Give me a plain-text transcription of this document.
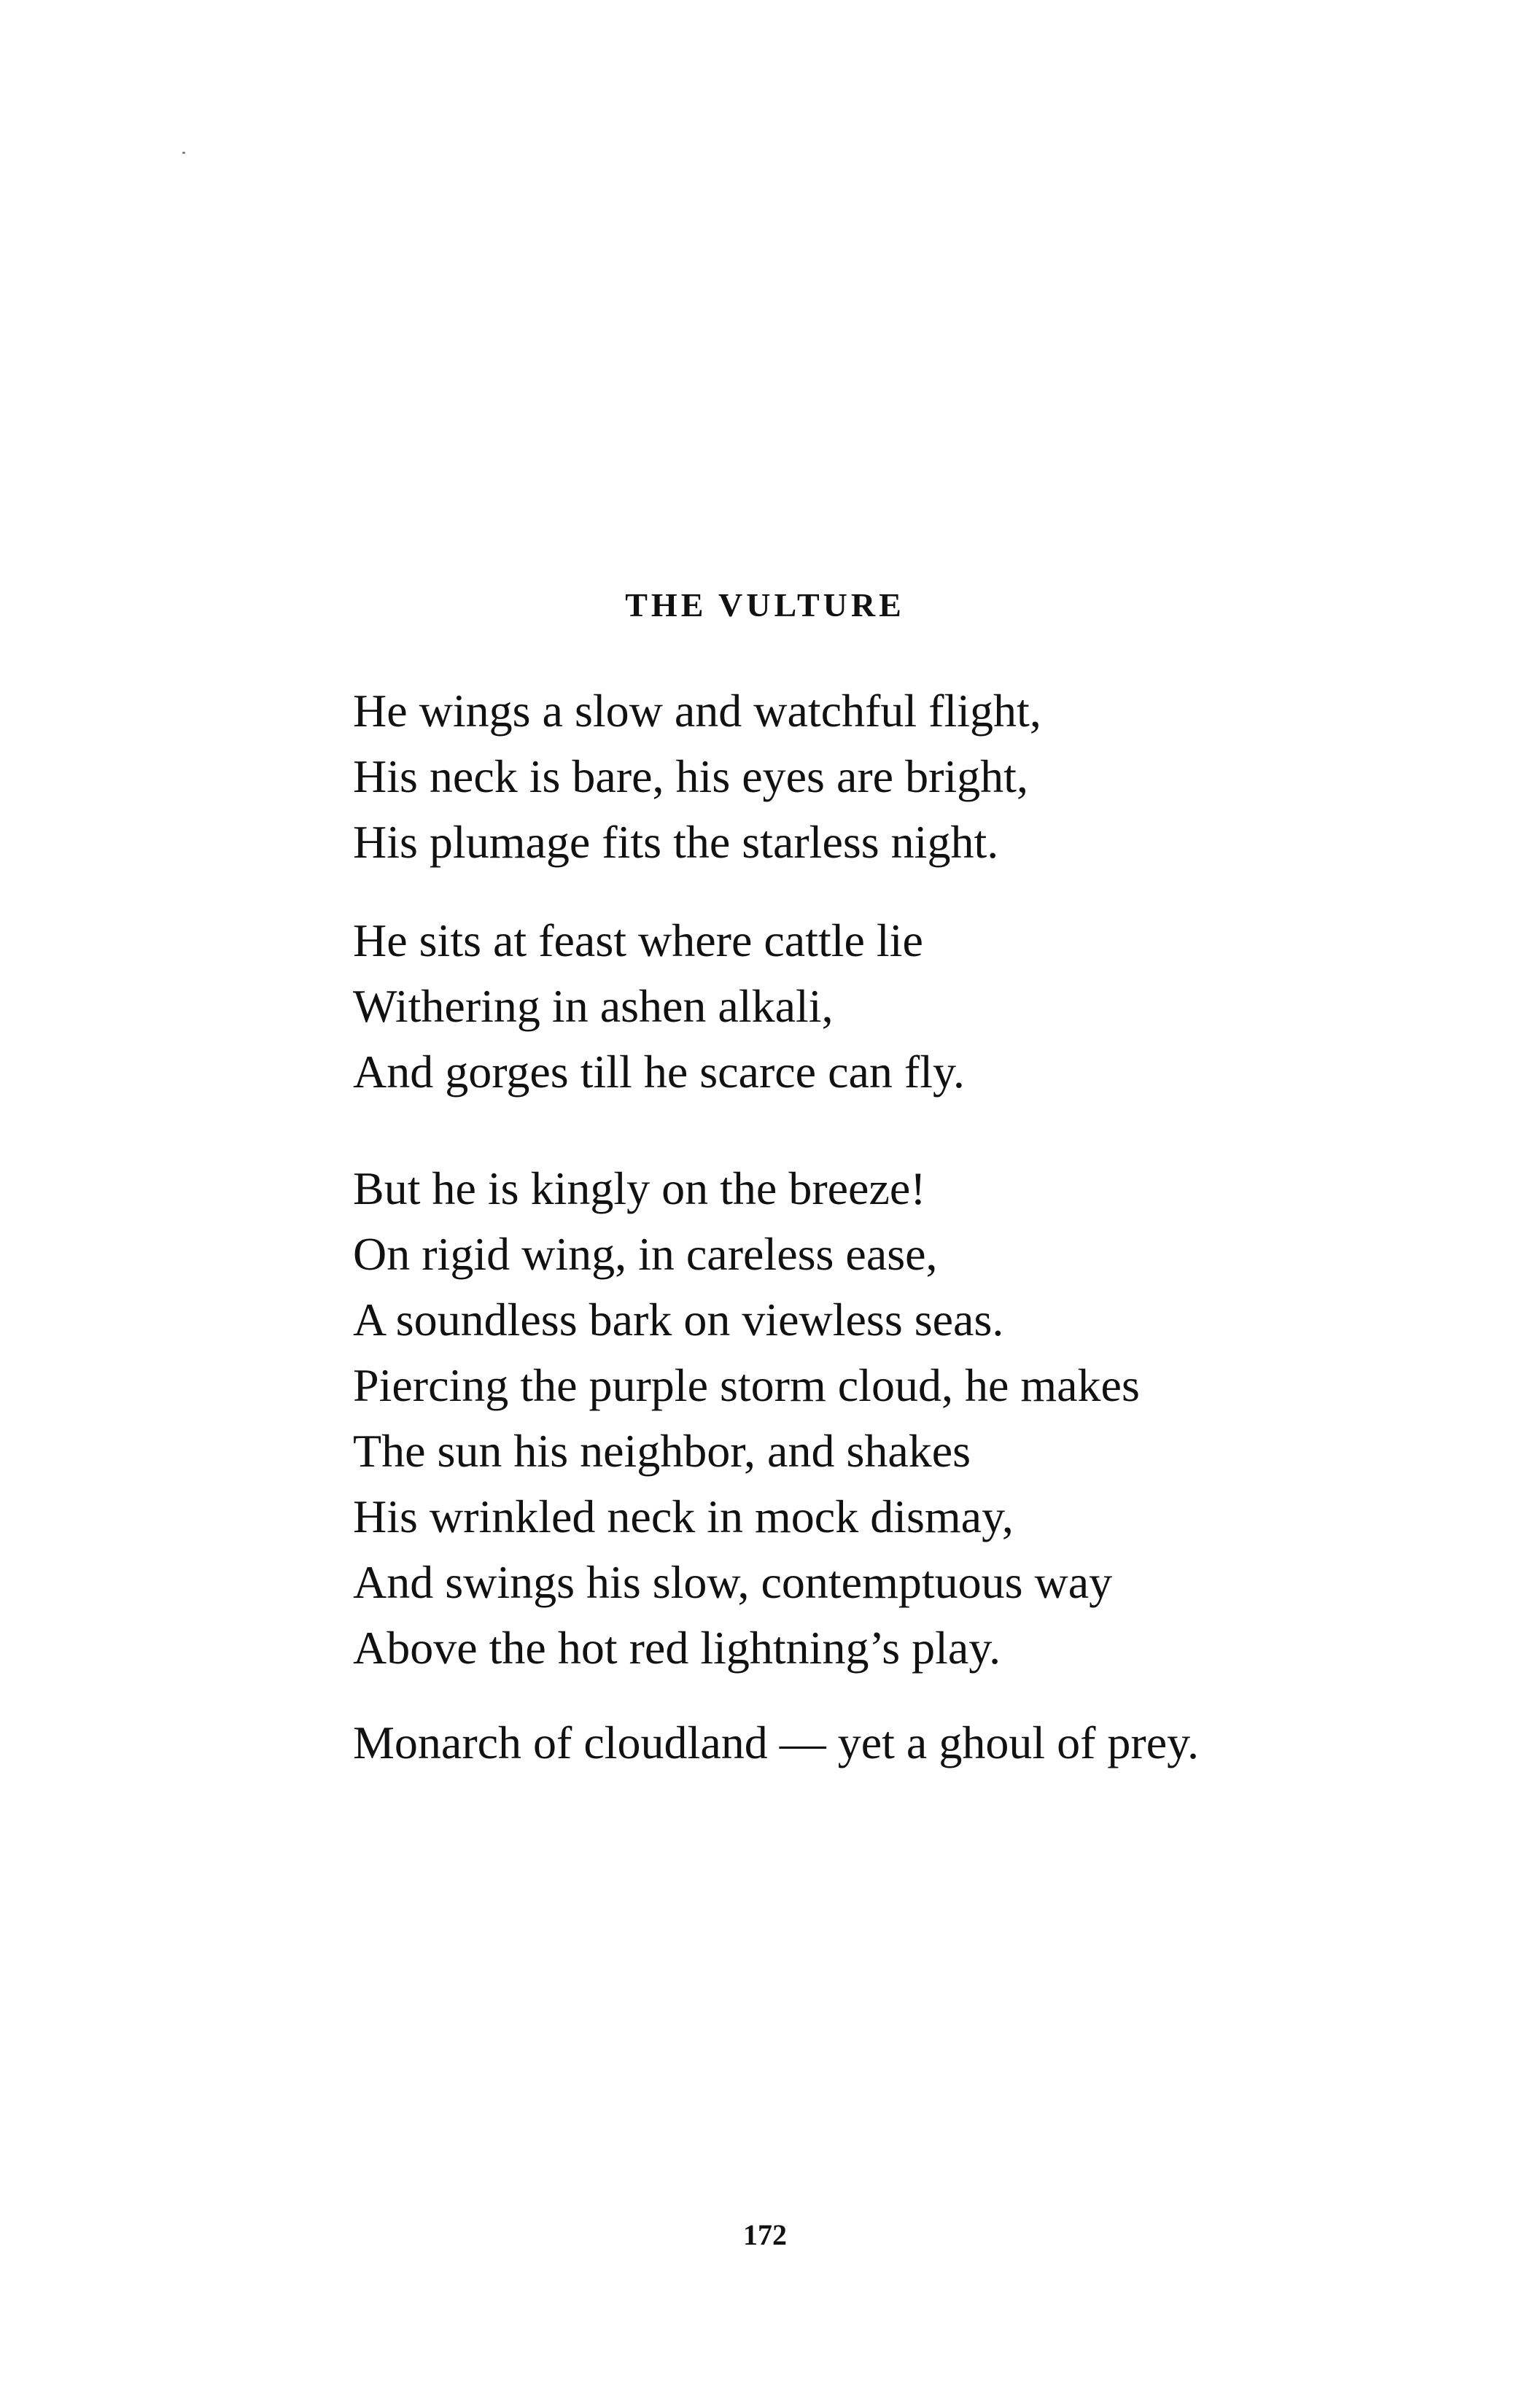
THE VULTURE
He wings a slow and watchful flight,
His neck is bare, his eyes are bright,
His plumage fits the starless night.
He sits at feast where cattle lie
Withering in ashen alkali,
And gorges till he scarce can fly.
But he is kingly on the breeze!
On rigid wing, in careless ease,
A soundless bark on viewless seas.
Piercing the purple storm cloud, he makes
The sun his neighbor, and shakes
His wrinkled neck in mock dismay,
And swings his slow, contemptuous way
Above the hot red lightning’s play.
Monarch of cloudland — yet a ghoul of prey.
172
